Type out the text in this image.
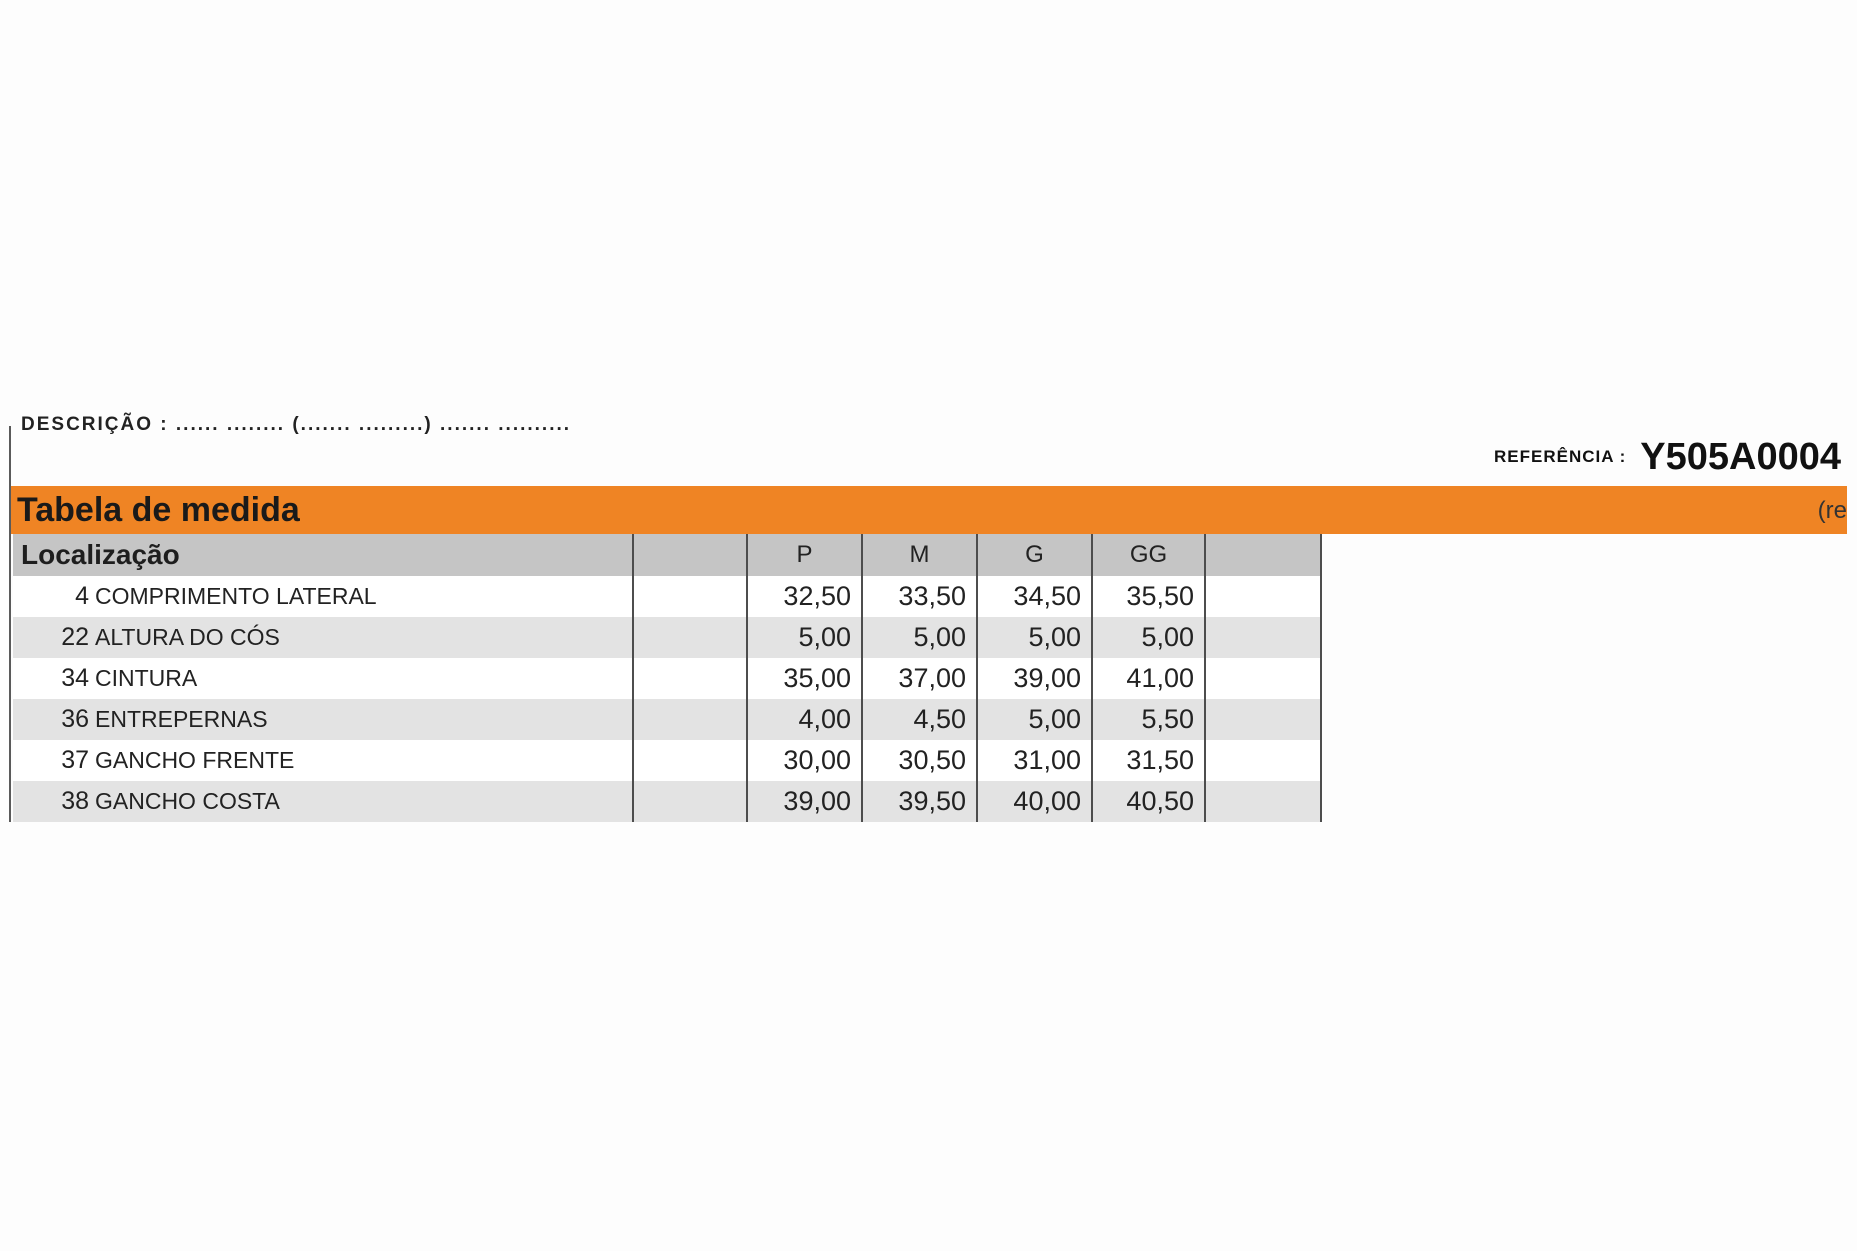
DESCRIÇÃO : ...... ........ (....... .........) ....... ..........
REFERÊNCIA : Y505A0004
Tabela de medida	(re
Localização		P	M	G	GG	
4 COMPRIMENTO LATERAL		32,50	33,50	34,50	35,50	
22 ALTURA DO CÓS		5,00	5,00	5,00	5,00	
34 CINTURA		35,00	37,00	39,00	41,00	
36 ENTREPERNAS		4,00	4,50	5,00	5,50	
37 GANCHO FRENTE		30,00	30,50	31,00	31,50	
38 GANCHO COSTA		39,00	39,50	40,00	40,50	
